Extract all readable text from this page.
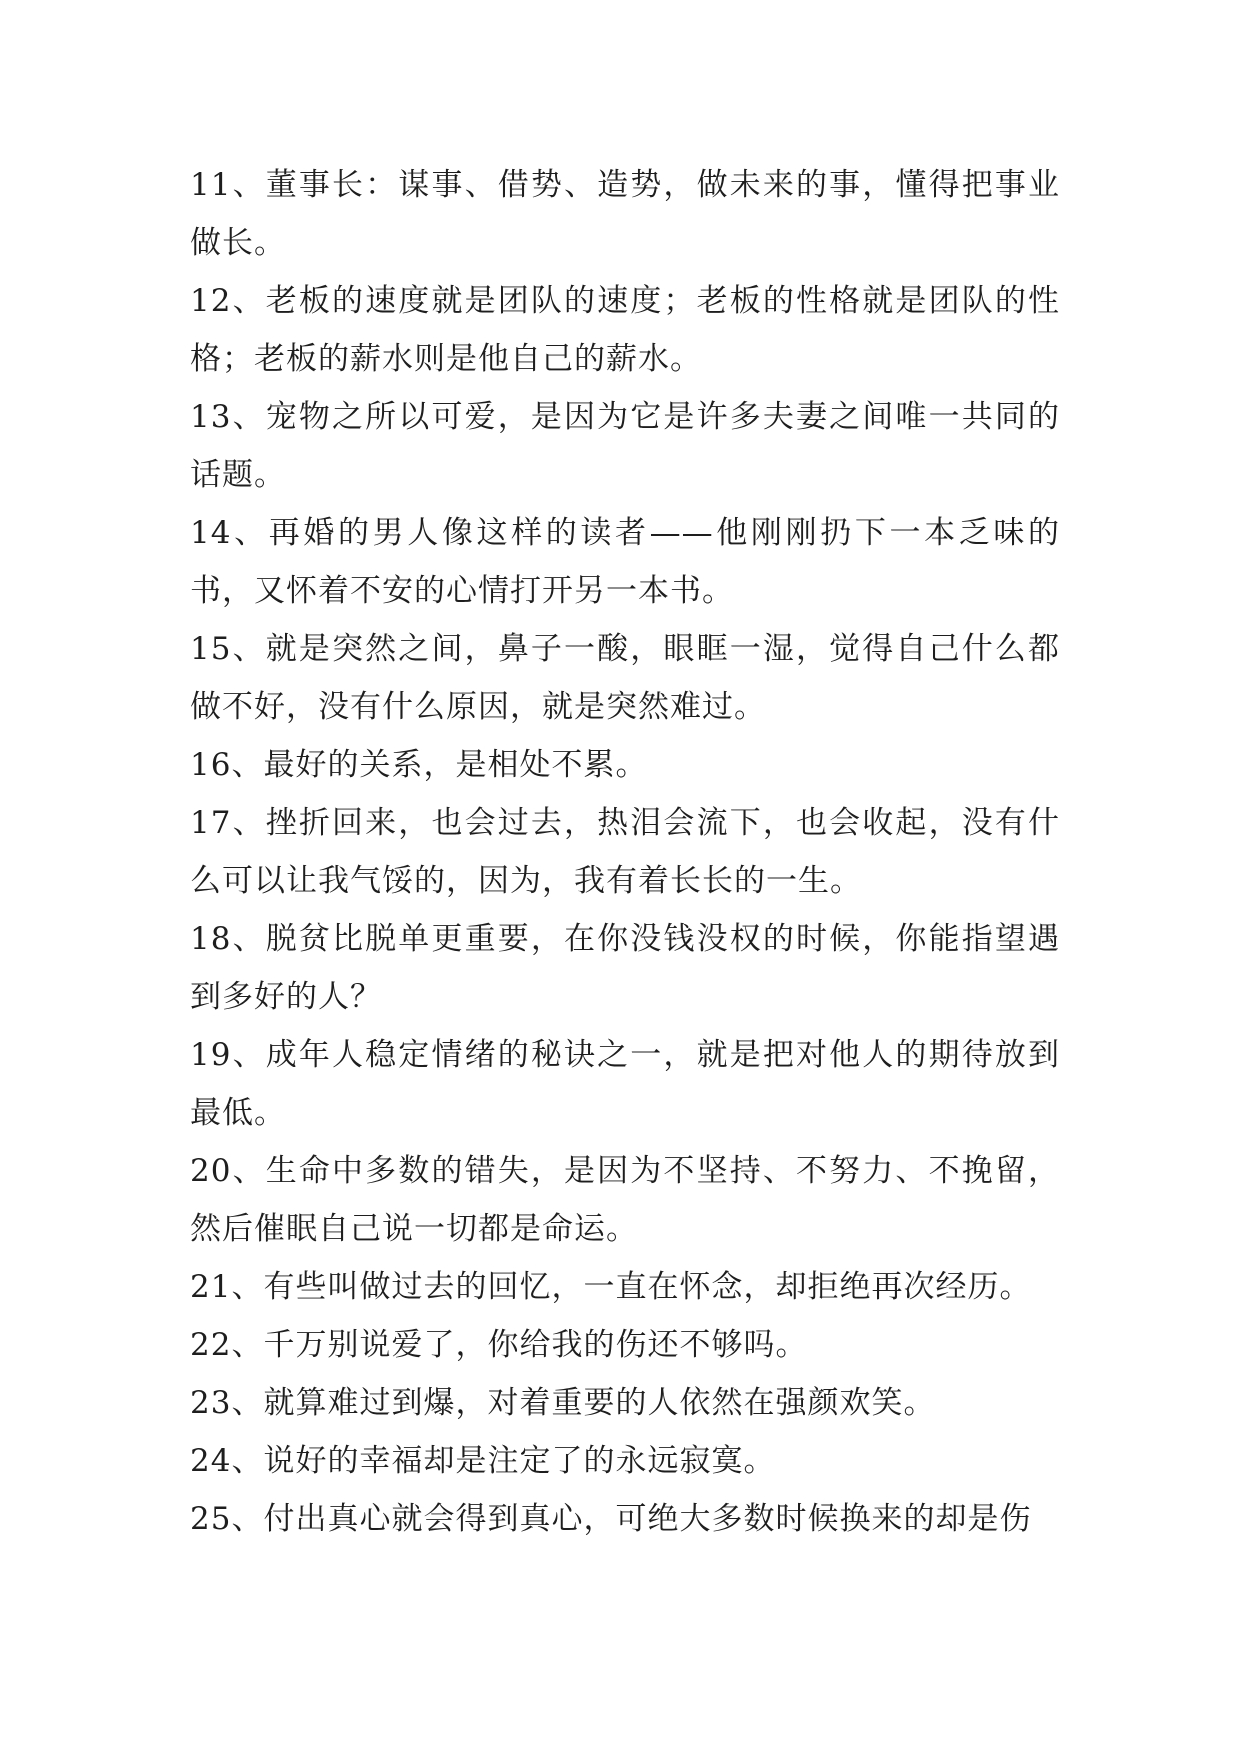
11、董事长：谋事、借势、造势，做未来的事，懂得把事业做长。

12、老板的速度就是团队的速度；老板的性格就是团队的性格；老板的薪水则是他自己的薪水。

13、宠物之所以可爱，是因为它是许多夫妻之间唯一共同的话题。

14、再婚的男人像这样的读者——他刚刚扔下一本乏味的书，又怀着不安的心情打开另一本书。

15、就是突然之间，鼻子一酸，眼眶一湿，觉得自己什么都做不好，没有什么原因，就是突然难过。

16、最好的关系，是相处不累。

17、挫折回来，也会过去，热泪会流下，也会收起，没有什么可以让我气馁的，因为，我有着长长的一生。

18、脱贫比脱单更重要，在你没钱没权的时候，你能指望遇到多好的人？

19、成年人稳定情绪的秘诀之一，就是把对他人的期待放到最低。

20、生命中多数的错失，是因为不坚持、不努力、不挽留，然后催眠自己说一切都是命运。

21、有些叫做过去的回忆，一直在怀念，却拒绝再次经历。

22、千万别说爱了，你给我的伤还不够吗。

23、就算难过到爆，对着重要的人依然在强颜欢笑。

24、说好的幸福却是注定了的永远寂寞。

25、付出真心就会得到真心，可绝大多数时候换来的却是伤
